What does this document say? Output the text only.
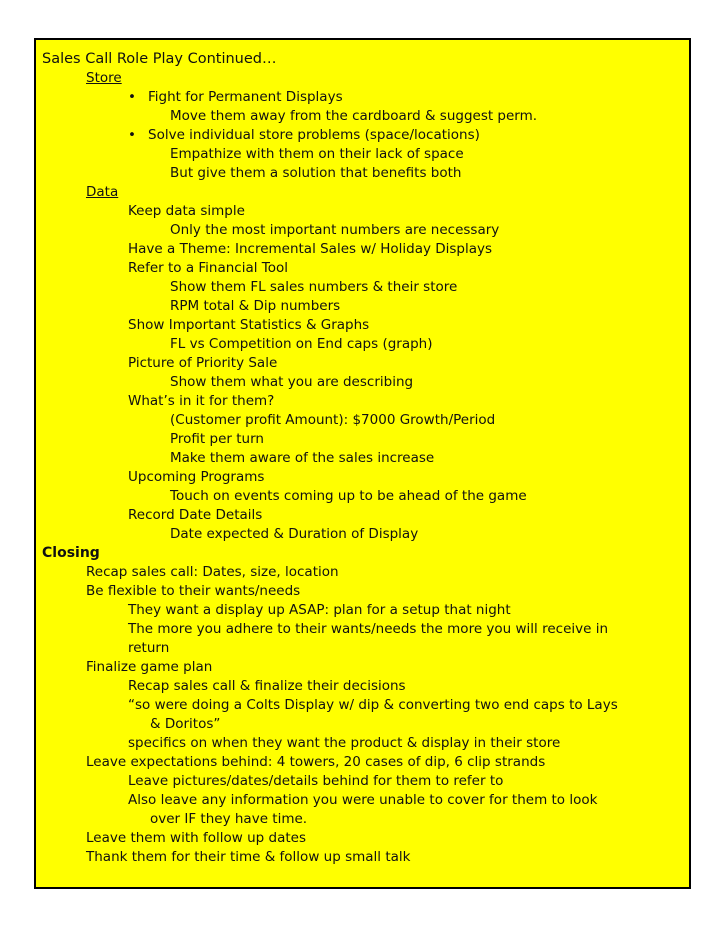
Sales Call Role Play Continued…

Store

• Fight for Permanent Displays

Move them away from the cardboard & suggest perm.

• Solve individual store problems (space/locations)

Empathize with them on their lack of space

But give them a solution that benefits both

Data

Keep data simple

Only the most important numbers are necessary

Have a Theme: Incremental Sales w/ Holiday Displays

Refer to a Financial Tool

Show them FL sales numbers & their store

RPM total & Dip numbers

Show Important Statistics & Graphs

FL vs Competition on End caps (graph)

Picture of Priority Sale

Show them what you are describing

What’s in it for them?

(Customer profit Amount): $7000 Growth/Period

Profit per turn

Make them aware of the sales increase

Upcoming Programs

Touch on events coming up to be ahead of the game

Record Date Details

Date expected & Duration of Display

Closing

Recap sales call: Dates, size, location

Be flexible to their wants/needs

They want a display up ASAP: plan for a setup that night

The more you adhere to their wants/needs the more you will receive in

return

Finalize game plan

Recap sales call & finalize their decisions

“so were doing a Colts Display w/ dip & converting two end caps to Lays

& Doritos”

specifics on when they want the product & display in their store

Leave expectations behind: 4 towers, 20 cases of dip, 6 clip strands

Leave pictures/dates/details behind for them to refer to

Also leave any information you were unable to cover for them to look

over IF they have time.

Leave them with follow up dates

Thank them for their time & follow up small talk
